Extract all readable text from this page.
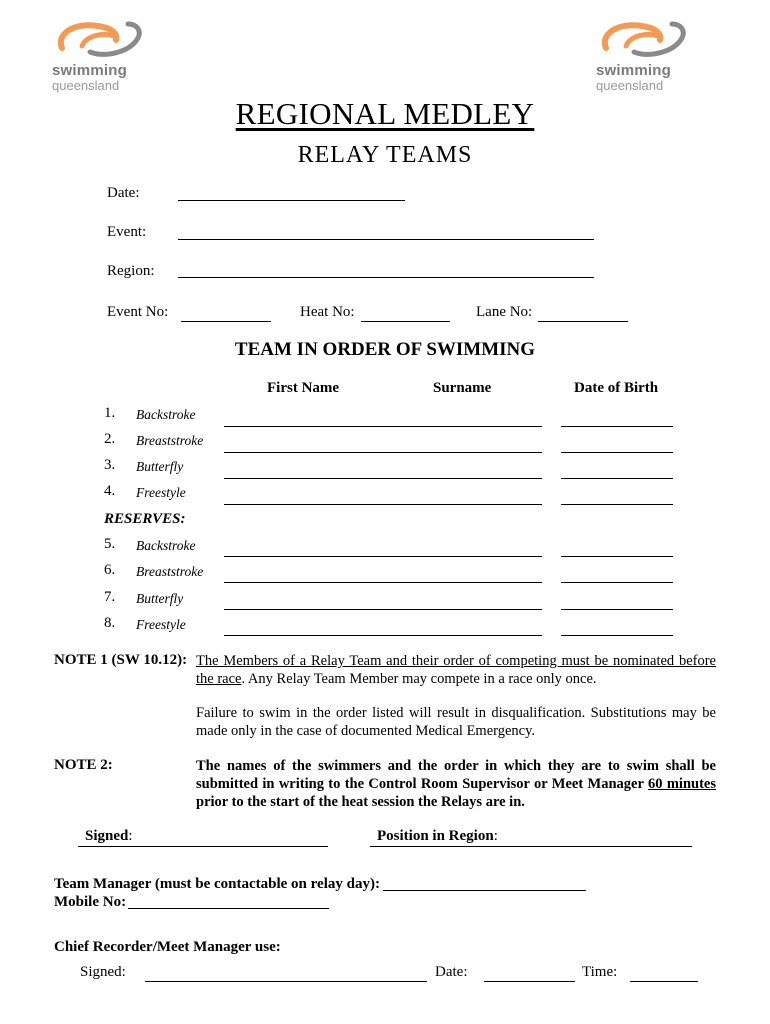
swimming
queensland
swimming
queensland
REGIONAL MEDLEY
RELAY TEAMS
Date:
Event:
Region:
Event No:	Heat No:	Lane No:
TEAM IN ORDER OF SWIMMING
First Name	Surname	Date of Birth
1. Backstroke
2. Breaststroke
3. Butterfly
4. Freestyle
RESERVES:
5. Backstroke
6. Breaststroke
7. Butterfly
8. Freestyle
NOTE 1 (SW 10.12): The Members of a Relay Team and their order of competing must be nominated before the race. Any Relay Team Member may compete in a race only once.
Failure to swim in the order listed will result in disqualification. Substitutions may be made only in the case of documented Medical Emergency.
NOTE 2:	The names of the swimmers and the order in which they are to swim shall be submitted in writing to the Control Room Supervisor or Meet Manager 60 minutes prior to the start of the heat session the Relays are in.
Signed:	Position in Region:
Team Manager (must be contactable on relay day):
Mobile No:
Chief Recorder/Meet Manager use:
Signed:	Date:	Time:
